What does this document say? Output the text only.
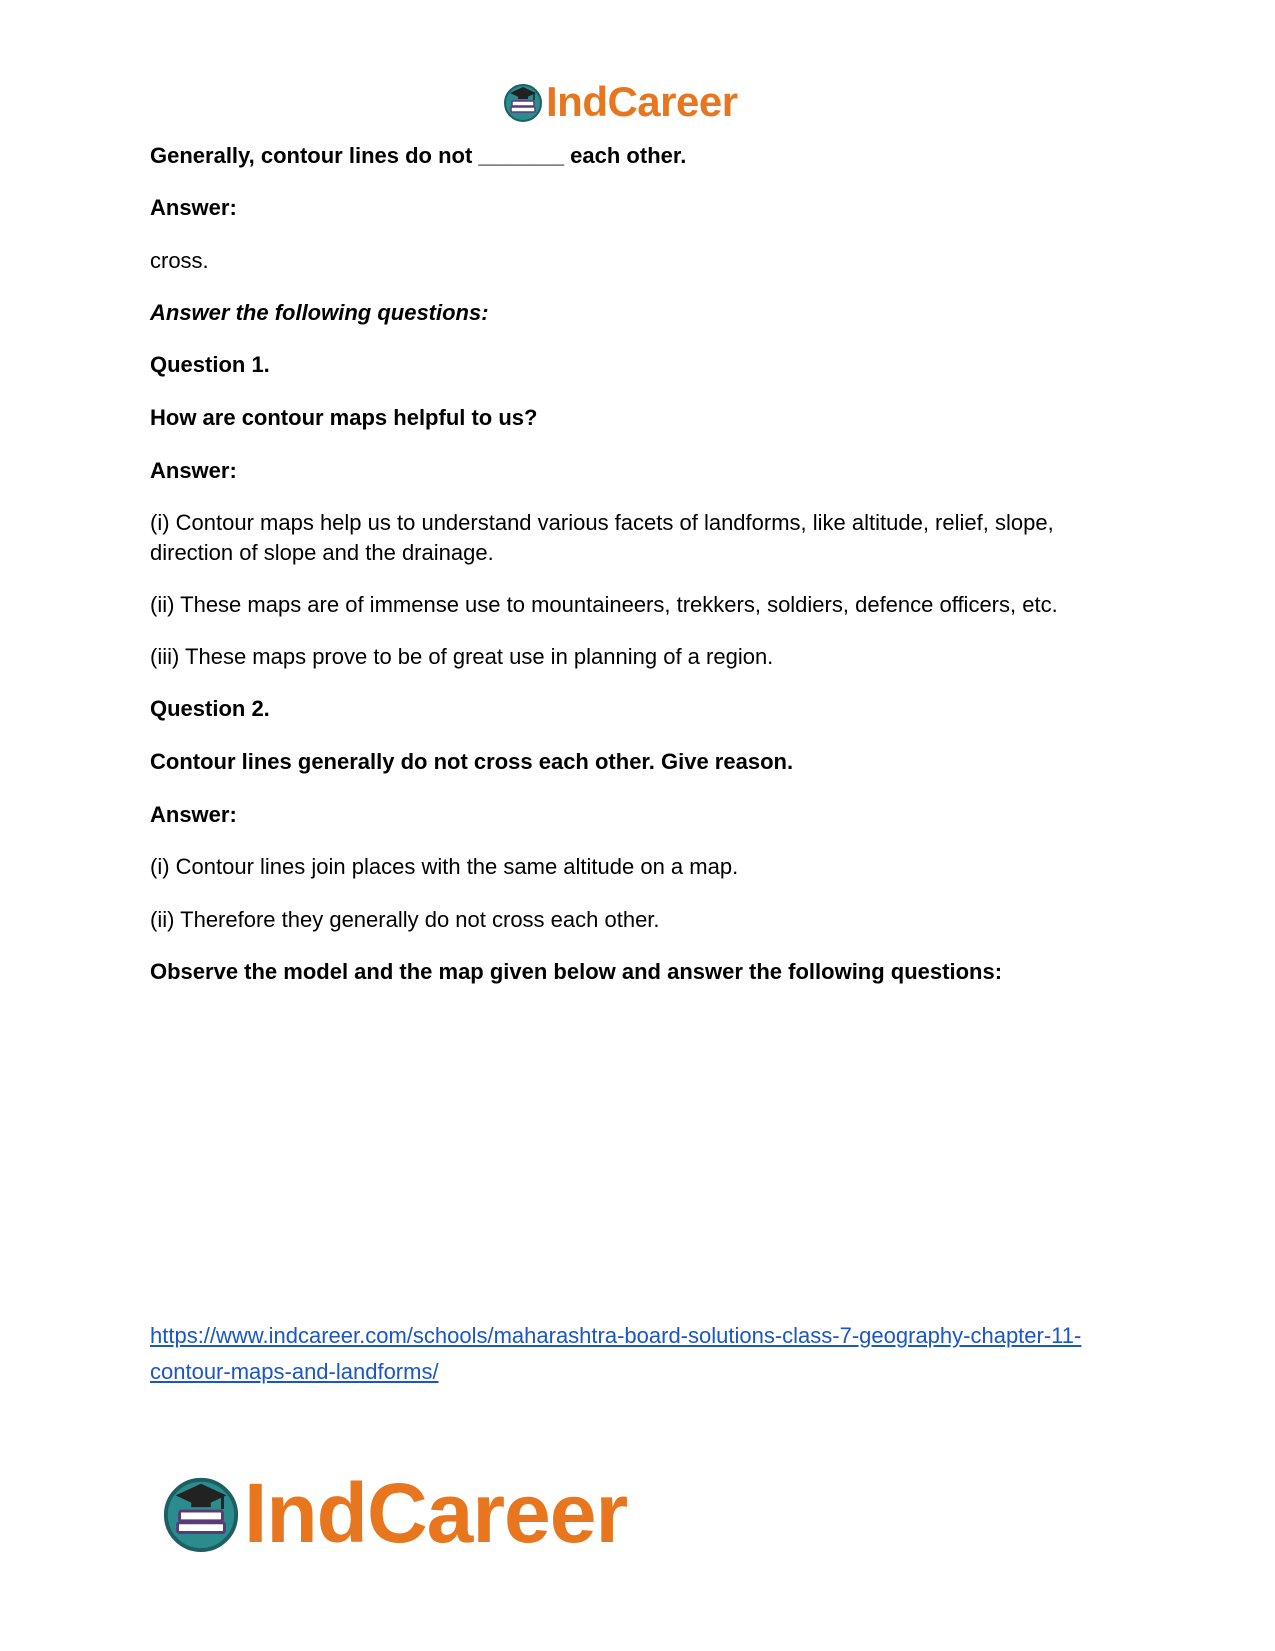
IndCareer
Generally, contour lines do not _______ each other.
Answer:
cross.
Answer the following questions:
Question 1.
How are contour maps helpful to us?
Answer:
(i) Contour maps help us to understand various facets of landforms, like altitude, relief, slope, direction of slope and the drainage.
(ii) These maps are of immense use to mountaineers, trekkers, soldiers, defence officers, etc.
(iii) These maps prove to be of great use in planning of a region.
Question 2.
Contour lines generally do not cross each other. Give reason.
Answer:
(i) Contour lines join places with the same altitude on a map.
(ii) Therefore they generally do not cross each other.
Observe the model and the map given below and answer the following questions:
https://www.indcareer.com/schools/maharashtra-board-solutions-class-7-geography-chapter-11-contour-maps-and-landforms/
IndCareer
